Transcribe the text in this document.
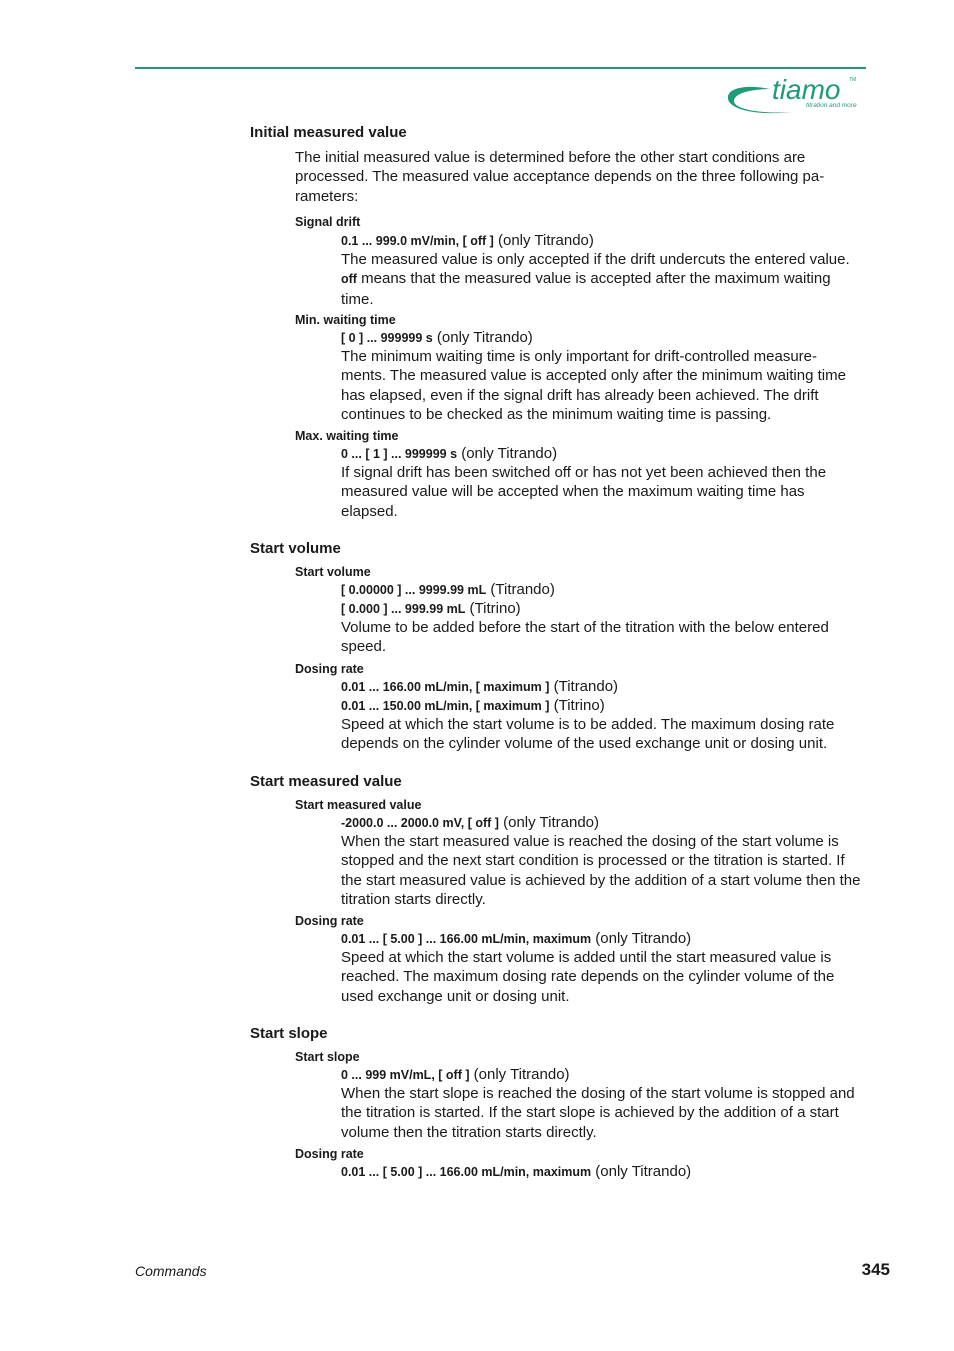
tiamo TM
titration and more
Initial measured value

The initial measured value is determined before the other start conditions are processed. The measured value acceptance depends on the three following pa-rameters:

Signal drift
0.1 ... 999.0 mV/min, [ off ] (only Titrando)

The measured value is only accepted if the drift undercuts the entered value. off means that the measured value is accepted after the maximum waiting time.

Min. waiting time
[ 0 ] ... 999999 s (only Titrando)

The minimum waiting time is only important for drift-controlled measure-ments. The measured value is accepted only after the minimum waiting time has elapsed, even if the signal drift has already been achieved. The drift continues to be checked as the minimum waiting time is passing.

Max. waiting time
0 ... [ 1 ] ... 999999 s (only Titrando)

If signal drift has been switched off or has not yet been achieved then the measured value will be accepted when the maximum waiting time has elapsed.

Start volume
Start volume
[ 0.00000 ] ... 9999.99 mL (Titrando)
[ 0.000 ] ... 999.99 mL (Titrino)

Volume to be added before the start of the titration with the below entered speed.

Dosing rate
0.01 ... 166.00 mL/min, [ maximum ] (Titrando)
0.01 ... 150.00 mL/min, [ maximum ] (Titrino)

Speed at which the start volume is to be added. The maximum dosing rate depends on the cylinder volume of the used exchange unit or dosing unit.

Start measured value
Start measured value
-2000.0 ... 2000.0 mV, [ off ] (only Titrando)

When the start measured value is reached the dosing of the start volume is stopped and the next start condition is processed or the titration is started. If the start measured value is achieved by the addition of a start volume then the titration starts directly.

Dosing rate
0.01 ... [ 5.00 ] ... 166.00 mL/min, maximum (only Titrando)

Speed at which the start volume is added until the start measured value is reached. The maximum dosing rate depends on the cylinder volume of the used exchange unit or dosing unit.

Start slope
Start slope
0 ... 999 mV/mL, [ off ] (only Titrando)

When the start slope is reached the dosing of the start volume is stopped and the titration is started. If the start slope is achieved by the addition of a start volume then the titration starts directly.

Dosing rate
0.01 ... [ 5.00 ] ... 166.00 mL/min, maximum (only Titrando)
Commands	345
